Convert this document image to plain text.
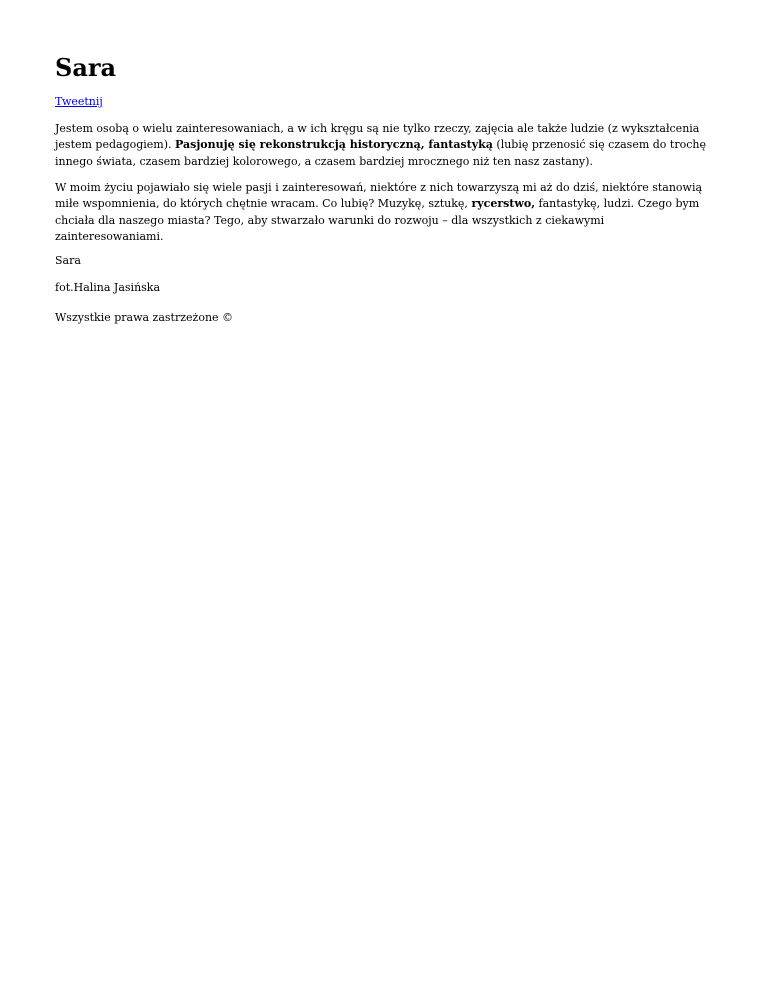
Sara
Tweetnij

Jestem osobą o wielu zainteresowaniach, a w ich kręgu są nie tylko rzeczy, zajęcia ale także ludzie (z wykształcenia jestem pedagogiem). Pasjonuję się rekonstrukcją historyczną, fantastyką (lubię przenosić się czasem do trochę innego świata, czasem bardziej kolorowego, a czasem bardziej mrocznego niż ten nasz zastany).

W moim życiu pojawiało się wiele pasji i zainteresowań, niektóre z nich towarzyszą mi aż do dziś, niektóre stanowią miłe wspomnienia, do których chętnie wracam. Co lubię? Muzykę, sztukę, rycerstwo, fantastykę, ludzi. Czego bym chciała dla naszego miasta? Tego, aby stwarzało warunki do rozwoju – dla wszystkich z ciekawymi zainteresowaniami.

Sara

fot.Halina Jasińska

Wszystkie prawa zastrzeżone ©
